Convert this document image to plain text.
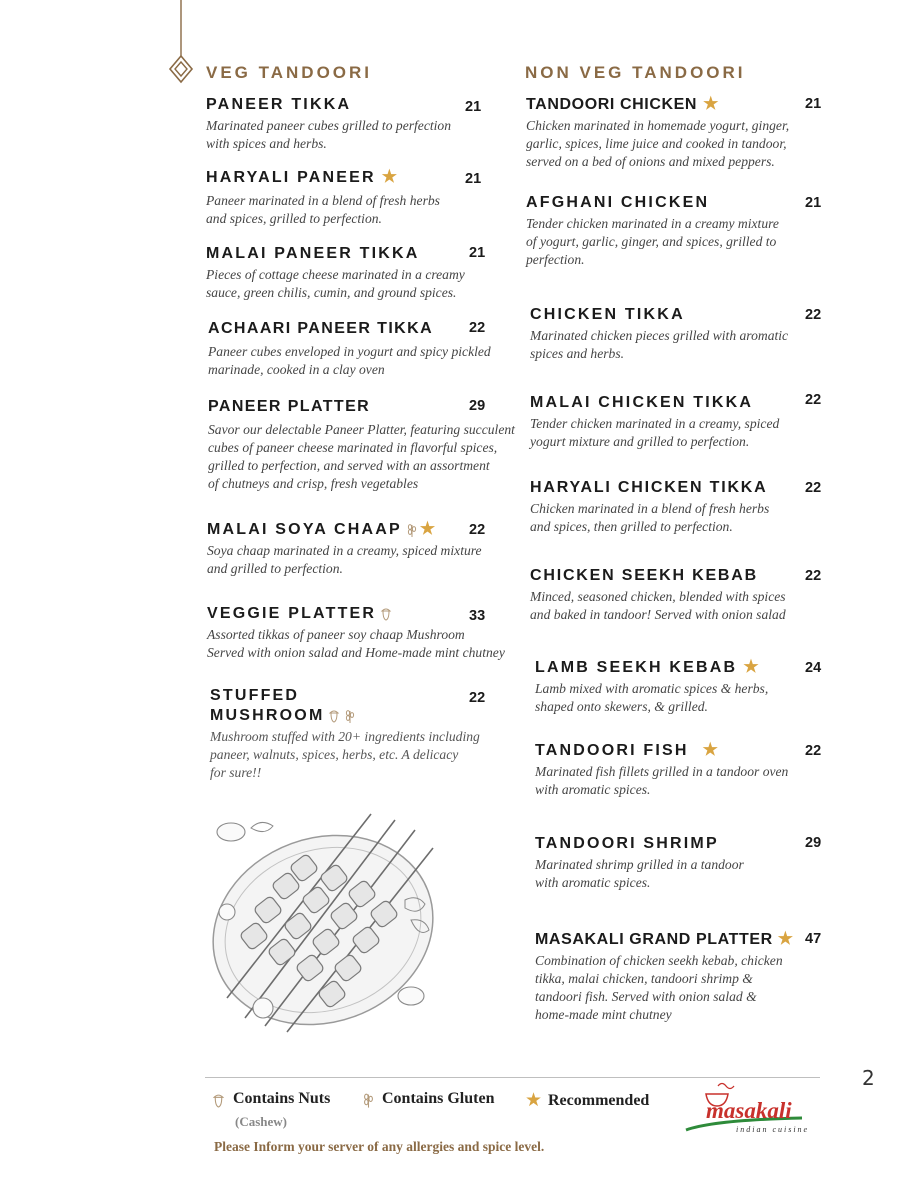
VEG TANDOORI
PANEER TIKKA
Marinated paneer cubes grilled to perfection
with spices and herbs.
21
HARYALI PANEER ★
Paneer marinated in a blend of fresh herbs
and spices, grilled to perfection.
21
MALAI PANEER TIKKA
Pieces of cottage cheese marinated in a creamy
sauce, green chilis, cumin, and ground spices.
21
ACHAARI PANEER TIKKA
Paneer cubes enveloped in yogurt and spicy pickled
marinade, cooked in a clay oven
22
PANEER PLATTER
Savor our delectable Paneer Platter, featuring succulent
cubes of paneer cheese marinated in flavorful spices,
grilled to perfection, and served with an assortment
of chutneys and crisp, fresh vegetables
29
MALAI SOYA CHAAP ★
Soya chaap marinated in a creamy, spiced mixture
and grilled to perfection.
22
VEGGIE PLATTER
Assorted tikkas of paneer soy chaap Mushroom
Served with onion salad and Home-made mint chutney
33
STUFFED MUSHROOM
Mushroom stuffed with 20+ ingredients including
paneer, walnuts, spices, herbs, etc. A delicacy
for sure!!
22
NON VEG TANDOORI
TANDOORI CHICKEN ★
Chicken marinated in homemade yogurt, ginger,
garlic, spices, lime juice and cooked in tandoor,
served on a bed of onions and mixed peppers.
21
AFGHANI CHICKEN
Tender chicken marinated in a creamy mixture
of yogurt, garlic, ginger, and spices, grilled to
perfection.
21
CHICKEN TIKKA
Marinated chicken pieces grilled with aromatic
spices and herbs.
22
MALAI CHICKEN TIKKA
Tender chicken marinated in a creamy, spiced
yogurt mixture and grilled to perfection.
22
HARYALI CHICKEN TIKKA
Chicken marinated in a blend of fresh herbs
and spices, then grilled to perfection.
22
CHICKEN SEEKH KEBAB
Minced, seasoned chicken, blended with spices
and baked in tandoor! Served with onion salad
22
LAMB SEEKH KEBAB ★
Lamb mixed with aromatic spices & herbs,
shaped onto skewers, & grilled.
24
TANDOORI FISH ★
Marinated fish fillets grilled in a tandoor oven
with aromatic spices.
22
TANDOORI SHRIMP
Marinated shrimp grilled in a tandoor
with aromatic spices.
29
MASAKALI GRAND PLATTER ★
Combination of chicken seekh kebab, chicken
tikka, malai chicken, tandoori shrimp &
tandoori fish. Served with onion salad &
home-made mint chutney
47
2
Contains Nuts
(Cashew)
Contains Gluten ★ Recommended
Please Inform your server of any allergies and spice level.
masakali
indian cuisine
